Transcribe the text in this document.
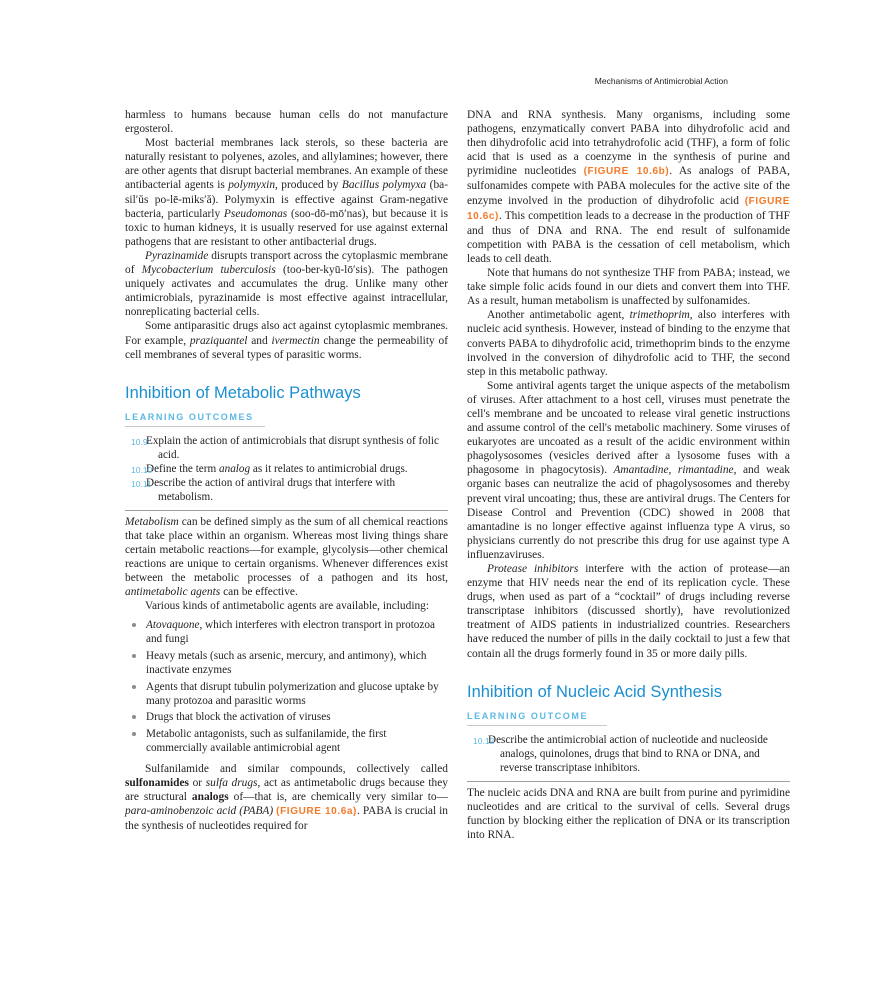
Mechanisms of Antimicrobial Action

harmless to humans because human cells do not manufacture ergosterol.

Most bacterial membranes lack sterols, so these bacteria are naturally resistant to polyenes, azoles, and allylamines; however, there are other agents that disrupt bacterial membranes. An example of these antibacterial agents is polymyxin, produced by Bacillus polymyxa (ba-sil′ŭs po-lē-miks′ă). Polymyxin is effective against Gram-negative bacteria, particularly Pseudomonas (soo-dō-mō′nas), but because it is toxic to human kidneys, it is usually reserved for use against external pathogens that are resistant to other antibacterial drugs.

Pyrazinamide disrupts transport across the cytoplasmic membrane of Mycobacterium tuberculosis (too-ber-kyū-lō′sis). The pathogen uniquely activates and accumulates the drug. Unlike many other antimicrobials, pyrazinamide is most effective against intracellular, nonreplicating bacterial cells.

Some antiparasitic drugs also act against cytoplasmic membranes. For example, praziquantel and ivermectin change the permeability of cell membranes of several types of parasitic worms.

Inhibition of Metabolic Pathways
LEARNING OUTCOMES
10.9
Explain the action of antimicrobials that disrupt synthesis of folic acid.
10.10
Define the term analog as it relates to antimicrobial drugs.
10.11
Describe the action of antiviral drugs that interfere with metabolism.

Metabolism can be defined simply as the sum of all chemical reactions that take place within an organism. Whereas most living things share certain metabolic reactions—for example, glycolysis—other chemical reactions are unique to certain organisms. Whenever differences exist between the metabolic processes of a pathogen and its host, antimetabolic agents can be effective.

Various kinds of antimetabolic agents are available, including:

Atovaquone, which interferes with electron transport in protozoa and fungi
Heavy metals (such as arsenic, mercury, and antimony), which inactivate enzymes
Agents that disrupt tubulin polymerization and glucose uptake by many protozoa and parasitic worms
Drugs that block the activation of viruses
Metabolic antagonists, such as sulfanilamide, the first commercially available antimicrobial agent

Sulfanilamide and similar compounds, collectively called sulfonamides or sulfa drugs, act as antimetabolic drugs because they are structural analogs of—that is, are chemically very similar to—para-aminobenzoic acid (PABA) (FIGURE 10.6a). PABA is crucial in the synthesis of nucleotides required for

DNA and RNA synthesis. Many organisms, including some pathogens, enzymatically convert PABA into dihydrofolic acid and then dihydrofolic acid into tetrahydrofolic acid (THF), a form of folic acid that is used as a coenzyme in the synthesis of purine and pyrimidine nucleotides (FIGURE 10.6b). As analogs of PABA, sulfonamides compete with PABA molecules for the active site of the enzyme involved in the production of dihydrofolic acid (FIGURE 10.6c). This competition leads to a decrease in the production of THF and thus of DNA and RNA. The end result of sulfonamide competition with PABA is the cessation of cell metabolism, which leads to cell death.

Note that humans do not synthesize THF from PABA; instead, we take simple folic acids found in our diets and convert them into THF. As a result, human metabolism is unaffected by sulfonamides.

Another antimetabolic agent, trimethoprim, also interferes with nucleic acid synthesis. However, instead of binding to the enzyme that converts PABA to dihydrofolic acid, trimethoprim binds to the enzyme involved in the conversion of dihydrofolic acid to THF, the second step in this metabolic pathway.

Some antiviral agents target the unique aspects of the metabolism of viruses. After attachment to a host cell, viruses must penetrate the cell's membrane and be uncoated to release viral genetic instructions and assume control of the cell's metabolic machinery. Some viruses of eukaryotes are uncoated as a result of the acidic environment within phagolysosomes (vesicles derived after a lysosome fuses with a phagosome in phagocytosis). Amantadine, rimantadine, and weak organic bases can neutralize the acid of phagolysosomes and thereby prevent viral uncoating; thus, these are antiviral drugs. The Centers for Disease Control and Prevention (CDC) showed in 2008 that amantadine is no longer effective against influenza type A virus, so physicians currently do not prescribe this drug for use against type A influenzaviruses.

Protease inhibitors interfere with the action of protease—an enzyme that HIV needs near the end of its replication cycle. These drugs, when used as part of a “cocktail” of drugs including reverse transcriptase inhibitors (discussed shortly), have revolutionized treatment of AIDS patients in industrialized countries. Researchers have reduced the number of pills in the daily cocktail to just a few that contain all the drugs formerly found in 35 or more daily pills.

Inhibition of Nucleic Acid Synthesis
LEARNING OUTCOME
10.12
Describe the antimicrobial action of nucleotide and nucleoside analogs, quinolones, drugs that bind to RNA or DNA, and reverse transcriptase inhibitors.

The nucleic acids DNA and RNA are built from purine and pyrimidine nucleotides and are critical to the survival of cells. Several drugs function by blocking either the replication of DNA or its transcription into RNA.
